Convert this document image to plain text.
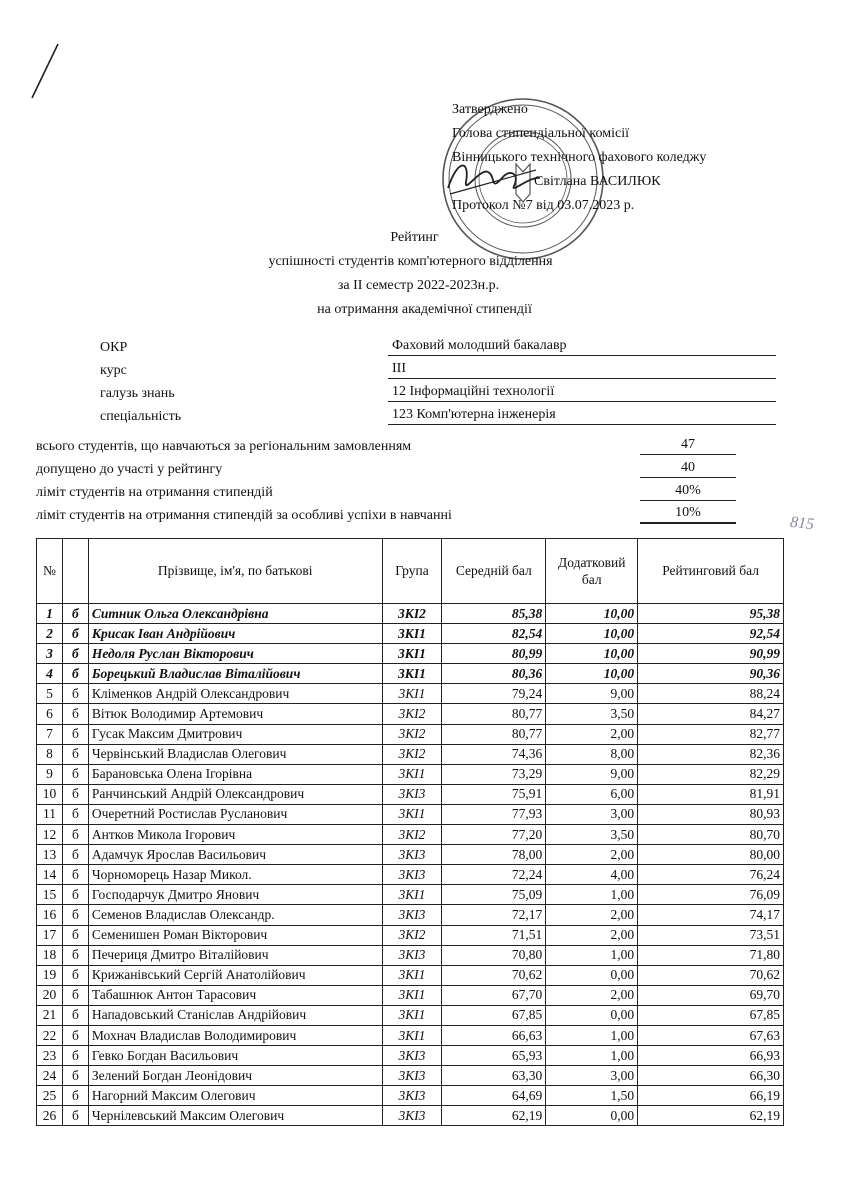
Затверджено
Голова стипендіальної комісії
Вінницького технічного фахового коледжу
Світлана ВАСИЛЮК
Протокол №7 від 03.07.2023 р.
Рейтинг
успішності студентів комп'ютерного відділення
за ІІ семестр 2022-2023н.р.
на отримання академічної стипендії
ОКР	Фаховий молодший бакалавр
курс	ІІІ
галузь знань	12 Інформаційні технології
спеціальність	123 Комп'ютерна інженерія
всього студентів, що навчаються за регіональним замовленням	47
допущено до участі у рейтингу	40
ліміт студентів на отримання стипендій	40%
ліміт студентів на отримання стипендій за особливі успіхи в навчанні	10%
815
№		Прізвище, ім'я, по батькові	Група	Середній бал	Додатковий бал	Рейтинговий бал
1	б	Ситник Ольга Олександрівна	3КІ2	85,38	10,00	95,38
2	б	Крисак Іван Андрійович	3КІ1	82,54	10,00	92,54
3	б	Недоля Руслан Вікторович	3КІ1	80,99	10,00	90,99
4	б	Борецький Владислав Віталійович	3КІ1	80,36	10,00	90,36
5	б	Кліменков Андрій Олександрович	3КІ1	79,24	9,00	88,24
6	б	Вітюк Володимир Артемович	3КІ2	80,77	3,50	84,27
7	б	Гусак Максим Дмитрович	3КІ2	80,77	2,00	82,77
8	б	Червінський Владислав Олегович	3КІ2	74,36	8,00	82,36
9	б	Барановська Олена Ігорівна	3КІ1	73,29	9,00	82,29
10	б	Ранчинський Андрій Олександрович	3КІ3	75,91	6,00	81,91
11	б	Очеретний Ростислав Русланович	3КІ1	77,93	3,00	80,93
12	б	Антков Микола Ігорович	3КІ2	77,20	3,50	80,70
13	б	Адамчук Ярослав Васильович	3КІ3	78,00	2,00	80,00
14	б	Чорноморець Назар Микол.	3КІ3	72,24	4,00	76,24
15	б	Господарчук Дмитро Янович	3КІ1	75,09	1,00	76,09
16	б	Семенов Владислав Олександр.	3КІ3	72,17	2,00	74,17
17	б	Семенишен Роман Вікторович	3КІ2	71,51	2,00	73,51
18	б	Печериця Дмитро Віталійович	3КІ3	70,80	1,00	71,80
19	б	Крижанівський Сергій Анатолійович	3КІ1	70,62	0,00	70,62
20	б	Табашнюк Антон Тарасович	3КІ1	67,70	2,00	69,70
21	б	Нападовський Станіслав Андрійович	3КІ1	67,85	0,00	67,85
22	б	Мохнач Владислав Володимирович	3КІ1	66,63	1,00	67,63
23	б	Гевко Богдан Васильович	3КІ3	65,93	1,00	66,93
24	б	Зелений Богдан Леонідович	3КІ3	63,30	3,00	66,30
25	б	Нагорний Максим Олегович	3КІ3	64,69	1,50	66,19
26	б	Чернілевський Максим Олегович	3КІ3	62,19	0,00	62,19
